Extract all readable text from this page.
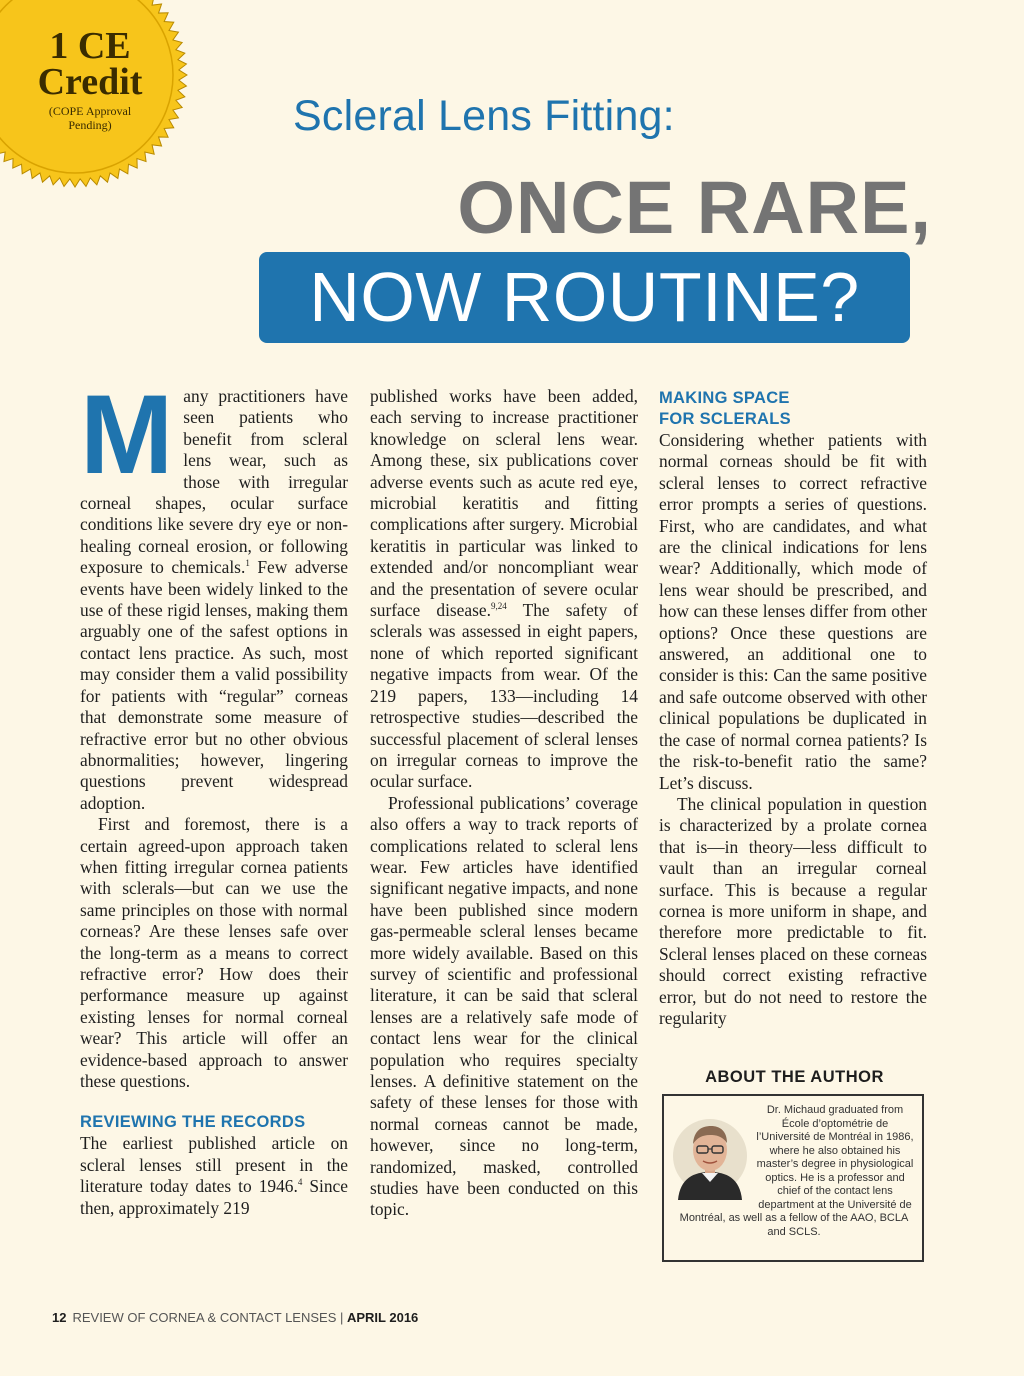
1 CE
Credit
(COPE Approval Pending)	Scleral Lens Fitting:
ONCE RARE,
NOW ROUTINE?

Many practitioners have seen patients who benefit from scleral lens wear, such as those with irregular corneal shapes, ocular surface conditions like severe dry eye or non-healing corneal erosion, or following exposure to chemicals.$^1$ Few adverse events have been widely linked to the use of these rigid lenses, making them arguably one of the safest options in contact lens practice. As such, most may consider them a valid possibility for patients with “regular” corneas that demonstrate some measure of refractive error but no other obvious abnormalities; however, lingering questions prevent widespread adoption.

First and foremost, there is a certain agreed-upon approach taken when fitting irregular cornea patients with sclerals—but can we use the same principles on those with normal corneas? Are these lenses safe over the long-term as a means to correct refractive error? How does their performance measure up against existing lenses for normal corneal wear? This article will offer an evidence-based approach to answer these questions.

REVIEWING THE RECORDS

The earliest published article on scleral lenses still present in the literature today dates to 1946.$^4$ Since then, approximately 219

published works have been added, each serving to increase practitioner knowledge on scleral lens wear. Among these, six publications cover adverse events such as acute red eye, microbial keratitis and fitting complications after surgery. Microbial keratitis in particular was linked to extended and/or noncompliant wear and the presentation of severe ocular surface disease.$^{9,24}$ The safety of sclerals was assessed in eight papers, none of which reported significant negative impacts from wear. Of the 219 papers, 133—including 14 retrospective studies—described the successful placement of scleral lenses on irregular corneas to improve the ocular surface.

Professional publications’ coverage also offers a way to track reports of complications related to scleral lens wear. Few articles have identified significant negative impacts, and none have been published since modern gas-permeable scleral lenses became more widely available. Based on this survey of scientific and professional literature, it can be said that scleral lenses are a relatively safe mode of contact lens wear for the clinical population who requires specialty lenses. A definitive statement on the safety of these lenses for those with normal corneas cannot be made, however, since no long-term, randomized, masked, controlled studies have been conducted on this topic.

MAKING SPACE
FOR SCLERALS

Considering whether patients with normal corneas should be fit with scleral lenses to correct refractive error prompts a series of questions. First, who are candidates, and what are the clinical indications for lens wear? Additionally, which mode of lens wear should be prescribed, and how can these lenses differ from other options? Once these questions are answered, an additional one to consider is this: Can the same positive and safe outcome observed with other clinical populations be duplicated in the case of normal cornea patients? Is the risk-to-benefit ratio the same? Let’s discuss.

The clinical population in question is characterized by a prolate cornea that is—in theory—less difficult to vault than an irregular corneal surface. This is because a regular cornea is more uniform in shape, and therefore more predictable to fit. Scleral lenses placed on these corneas should correct existing refractive error, but do not need to restore the regularity

ABOUT THE AUTHOR
Dr. Michaud graduated from École d’optométrie de l’Université de Montréal in 1986, where he also obtained his master’s degree in physiological optics. He is a professor and chief of the contact lens department at the Université de Montréal, as well as a fellow of the AAO, BCLA and SCLS.
12 REVIEW OF CORNEA & CONTACT LENSES | APRIL 2016
